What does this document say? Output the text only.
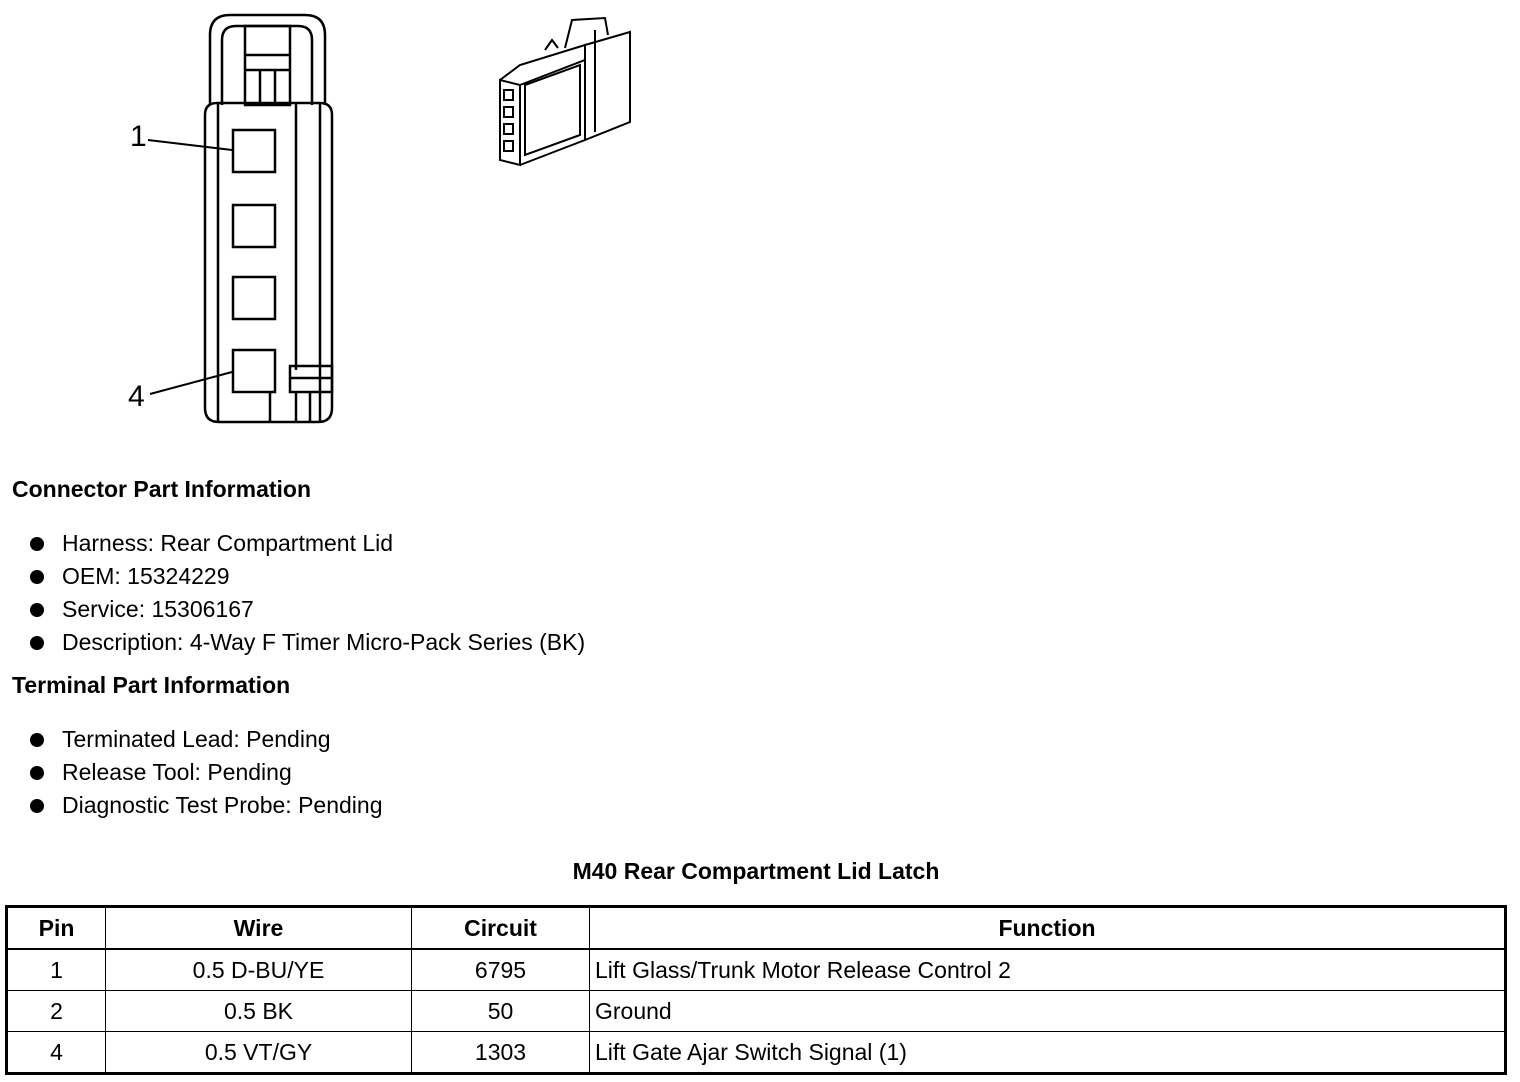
1
4
Connector Part Information
Harness: Rear Compartment Lid
OEM: 15324229
Service: 15306167
Description: 4-Way F Timer Micro-Pack Series (BK)
Terminal Part Information
Terminated Lead: Pending
Release Tool: Pending
Diagnostic Test Probe: Pending
M40 Rear Compartment Lid Latch
Pin	Wire	Circuit	Function
1	0.5 D-BU/YE	6795	Lift Glass/Trunk Motor Release Control 2
2	0.5 BK	50	Ground
4	0.5 VT/GY	1303	Lift Gate Ajar Switch Signal (1)
